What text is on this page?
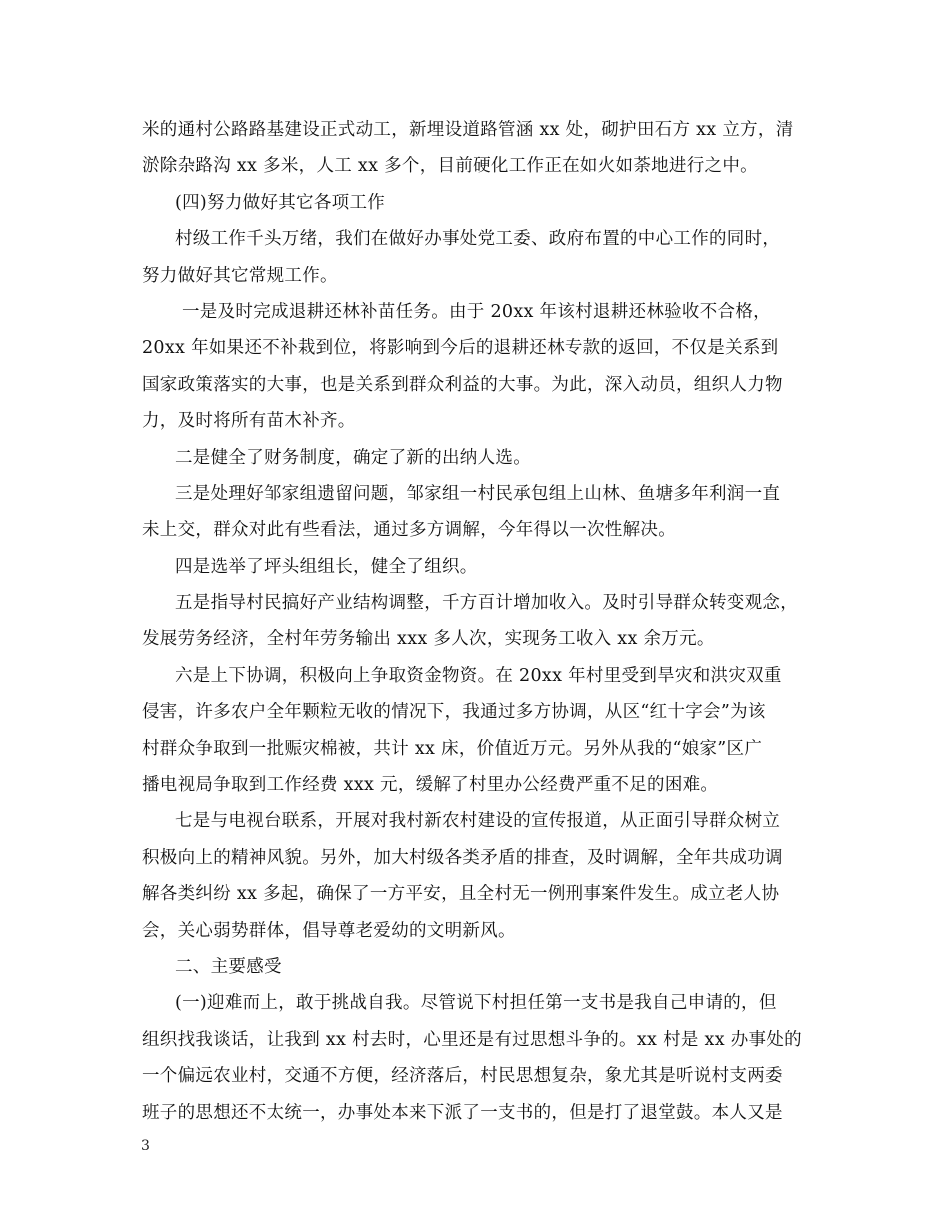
米的通村公路路基建设正式动工，新埋设道路管涵 xx 处，砌护田石方 xx 立方，清
淤除杂路沟 xx 多米，人工 xx 多个，目前硬化工作正在如火如荼地进行之中。
(四)努力做好其它各项工作
村级工作千头万绪，我们在做好办事处党工委、政府布置的中心工作的同时，
努力做好其它常规工作。
一是及时完成退耕还林补苗任务。由于 20xx 年该村退耕还林验收不合格，
20xx 年如果还不补栽到位，将影响到今后的退耕还林专款的返回，不仅是关系到
国家政策落实的大事，也是关系到群众利益的大事。为此，深入动员，组织人力物
力，及时将所有苗木补齐。
二是健全了财务制度，确定了新的出纳人选。
三是处理好邹家组遗留问题，邹家组一村民承包组上山林、鱼塘多年利润一直
未上交，群众对此有些看法，通过多方调解，今年得以一次性解决。
四是选举了坪头组组长，健全了组织。
五是指导村民搞好产业结构调整，千方百计增加收入。及时引导群众转变观念，
发展劳务经济，全村年劳务输出 xxx 多人次，实现务工收入 xx 余万元。
六是上下协调，积极向上争取资金物资。在 20xx 年村里受到旱灾和洪灾双重
侵害，许多农户全年颗粒无收的情况下，我通过多方协调，从区“红十字会”为该
村群众争取到一批赈灾棉被，共计 xx 床，价值近万元。另外从我的“娘家”区广
播电视局争取到工作经费 xxx 元，缓解了村里办公经费严重不足的困难。
七是与电视台联系，开展对我村新农村建设的宣传报道，从正面引导群众树立
积极向上的精神风貌。另外，加大村级各类矛盾的排查，及时调解，全年共成功调
解各类纠纷 xx 多起，确保了一方平安，且全村无一例刑事案件发生。成立老人协
会，关心弱势群体，倡导尊老爱幼的文明新风。
二、主要感受
(一)迎难而上，敢于挑战自我。尽管说下村担任第一支书是我自己申请的，但
组织找我谈话，让我到 xx 村去时，心里还是有过思想斗争的。xx 村是 xx 办事处的
一个偏远农业村，交通不方便，经济落后，村民思想复杂，象尤其是听说村支两委
班子的思想还不太统一，办事处本来下派了一支书的，但是打了退堂鼓。本人又是
3
